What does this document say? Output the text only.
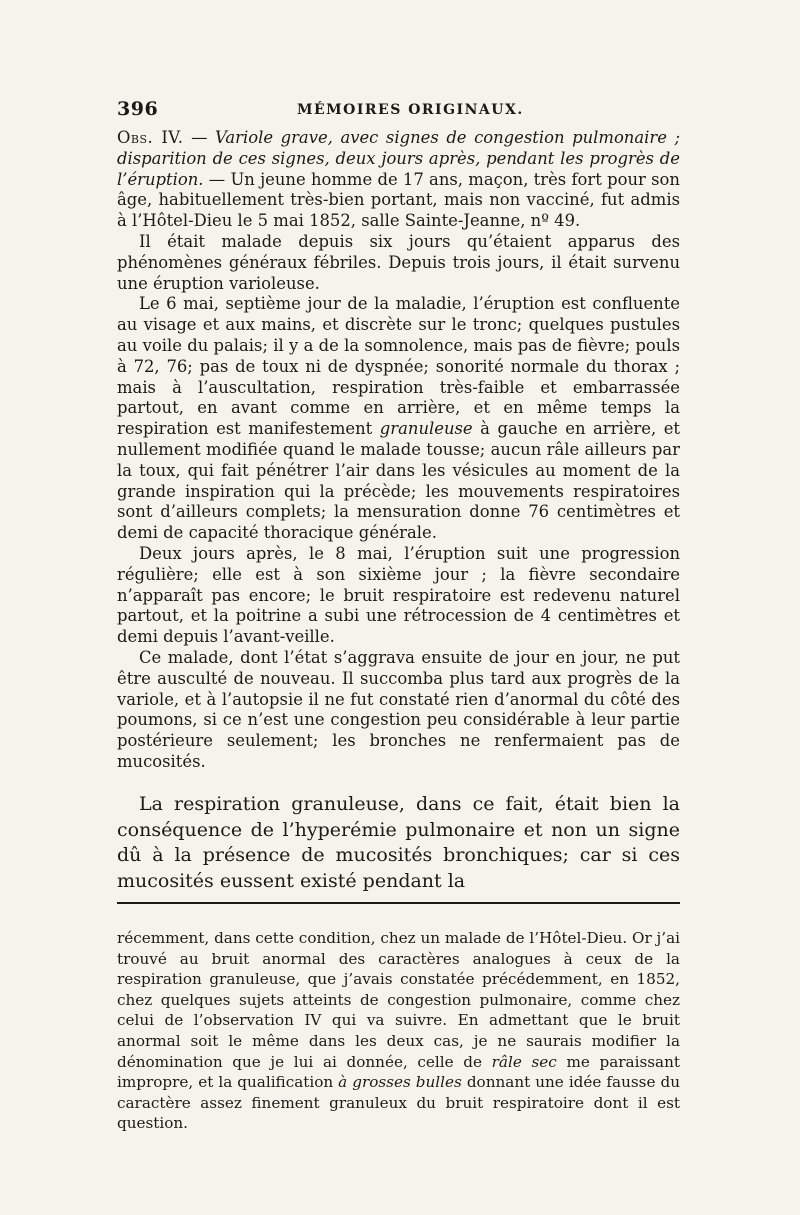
396	MÉMOIRES ORIGINAUX.

Obs. IV. — Variole grave, avec signes de congestion pulmonaire ; disparition de ces signes, deux jours après, pendant les progrès de l’éruption. — Un jeune homme de 17 ans, maçon, très fort pour son âge, habituellement très-bien portant, mais non vacciné, fut admis à l’Hôtel-Dieu le 5 mai 1852, salle Sainte-Jeanne, nº 49.

Il était malade depuis six jours qu’étaient apparus des phénomènes généraux fébriles. Depuis trois jours, il était survenu une éruption varioleuse.

Le 6 mai, septième jour de la maladie, l’éruption est confluente au visage et aux mains, et discrète sur le tronc; quelques pustules au voile du palais; il y a de la somnolence, mais pas de fièvre; pouls à 72, 76; pas de toux ni de dyspnée; sonorité normale du thorax ; mais à l’auscultation, respiration très-faible et embarrassée partout, en avant comme en arrière, et en même temps la respiration est manifestement granuleuse à gauche en arrière, et nullement modifiée quand le malade tousse; aucun râle ailleurs par la toux, qui fait pénétrer l’air dans les vésicules au moment de la grande inspiration qui la précède; les mouvements respiratoires sont d’ailleurs complets; la mensuration donne 76 centimètres et demi de capacité thoracique générale.

Deux jours après, le 8 mai, l’éruption suit une progression régulière; elle est à son sixième jour ; la fièvre secondaire n’apparaît pas encore; le bruit respiratoire est redevenu naturel partout, et la poitrine a subi une rétrocession de 4 centimètres et demi depuis l’avant-veille.

Ce malade, dont l’état s’aggrava ensuite de jour en jour, ne put être ausculté de nouveau. Il succomba plus tard aux progrès de la variole, et à l’autopsie il ne fut constaté rien d’anormal du côté des poumons, si ce n’est une congestion peu considérable à leur partie postérieure seulement; les bronches ne renfermaient pas de mucosités.

La respiration granuleuse, dans ce fait, était bien la conséquence de l’hyperémie pulmonaire et non un signe dû à la présence de mucosités bronchiques; car si ces mucosités eussent existé pendant la

récemment, dans cette condition, chez un malade de l’Hôtel-Dieu. Or j’ai trouvé au bruit anormal des caractères analogues à ceux de la respiration granuleuse, que j’avais constatée précédemment, en 1852, chez quelques sujets atteints de congestion pulmonaire, comme chez celui de l’observation IV qui va suivre. En admettant que le bruit anormal soit le même dans les deux cas, je ne saurais modifier la dénomination que je lui ai donnée, celle de râle sec me paraissant impropre, et la qualification à grosses bulles donnant une idée fausse du caractère assez finement granuleux du bruit respiratoire dont il est question.
